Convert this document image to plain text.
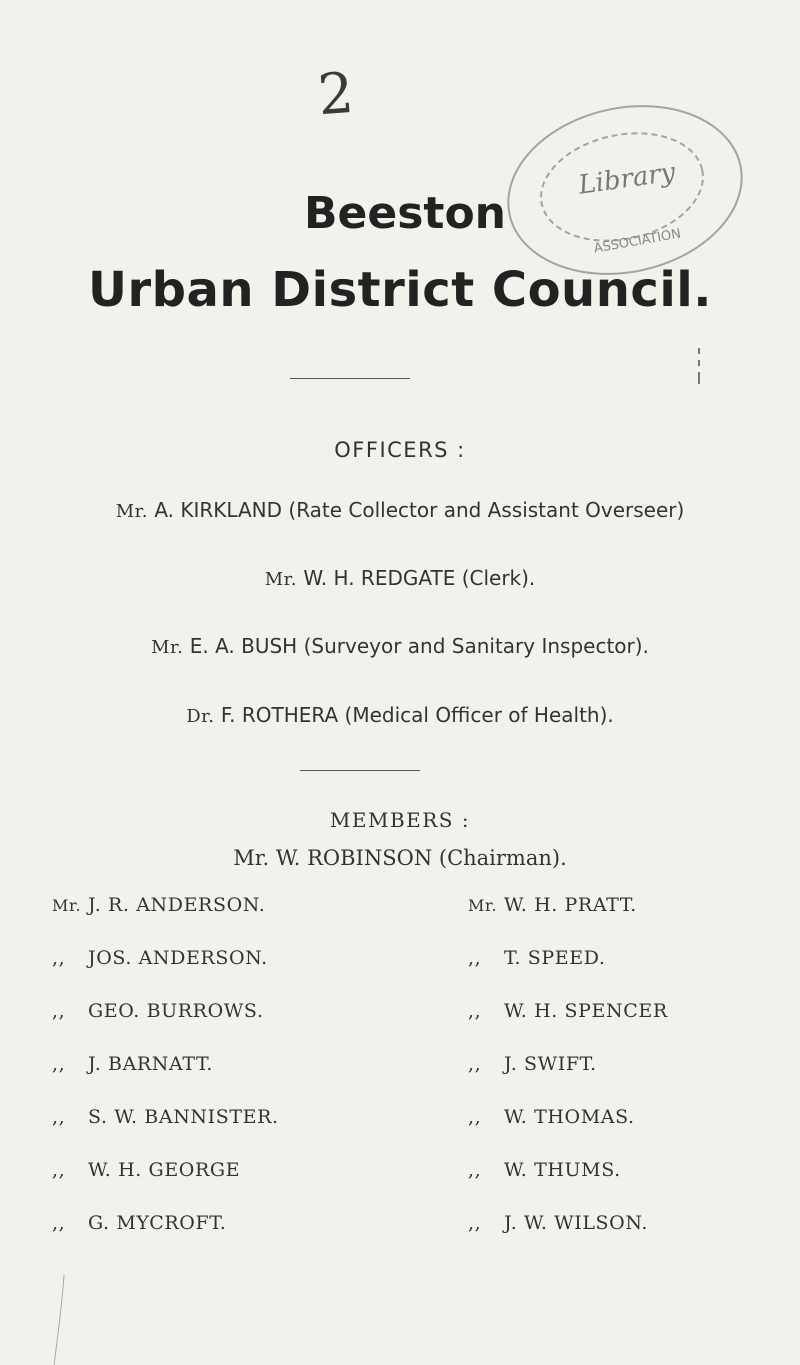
2
Library
ASSOCIATION
Beeston
Urban District Council.
OFFICERS :
Mr. A. KIRKLAND (Rate Collector and Assistant Overseer)
Mr. W. H. REDGATE (Clerk).
Mr. E. A. BUSH (Surveyor and Sanitary Inspector).
Dr. F. ROTHERA (Medical Officer of Health).
MEMBERS :
Mr. W. ROBINSON (Chairman).
Mr. J. R. ANDERSON.
,, JOS. ANDERSON.
,, GEO. BURROWS.
,, J. BARNATT.
,, S. W. BANNISTER.
,, W. H. GEORGE
,, G. MYCROFT.
Mr. W. H. PRATT.
,, T. SPEED.
,, W. H. SPENCER
,, J. SWIFT.
,, W. THOMAS.
,, W. THUMS.
,, J. W. WILSON.
